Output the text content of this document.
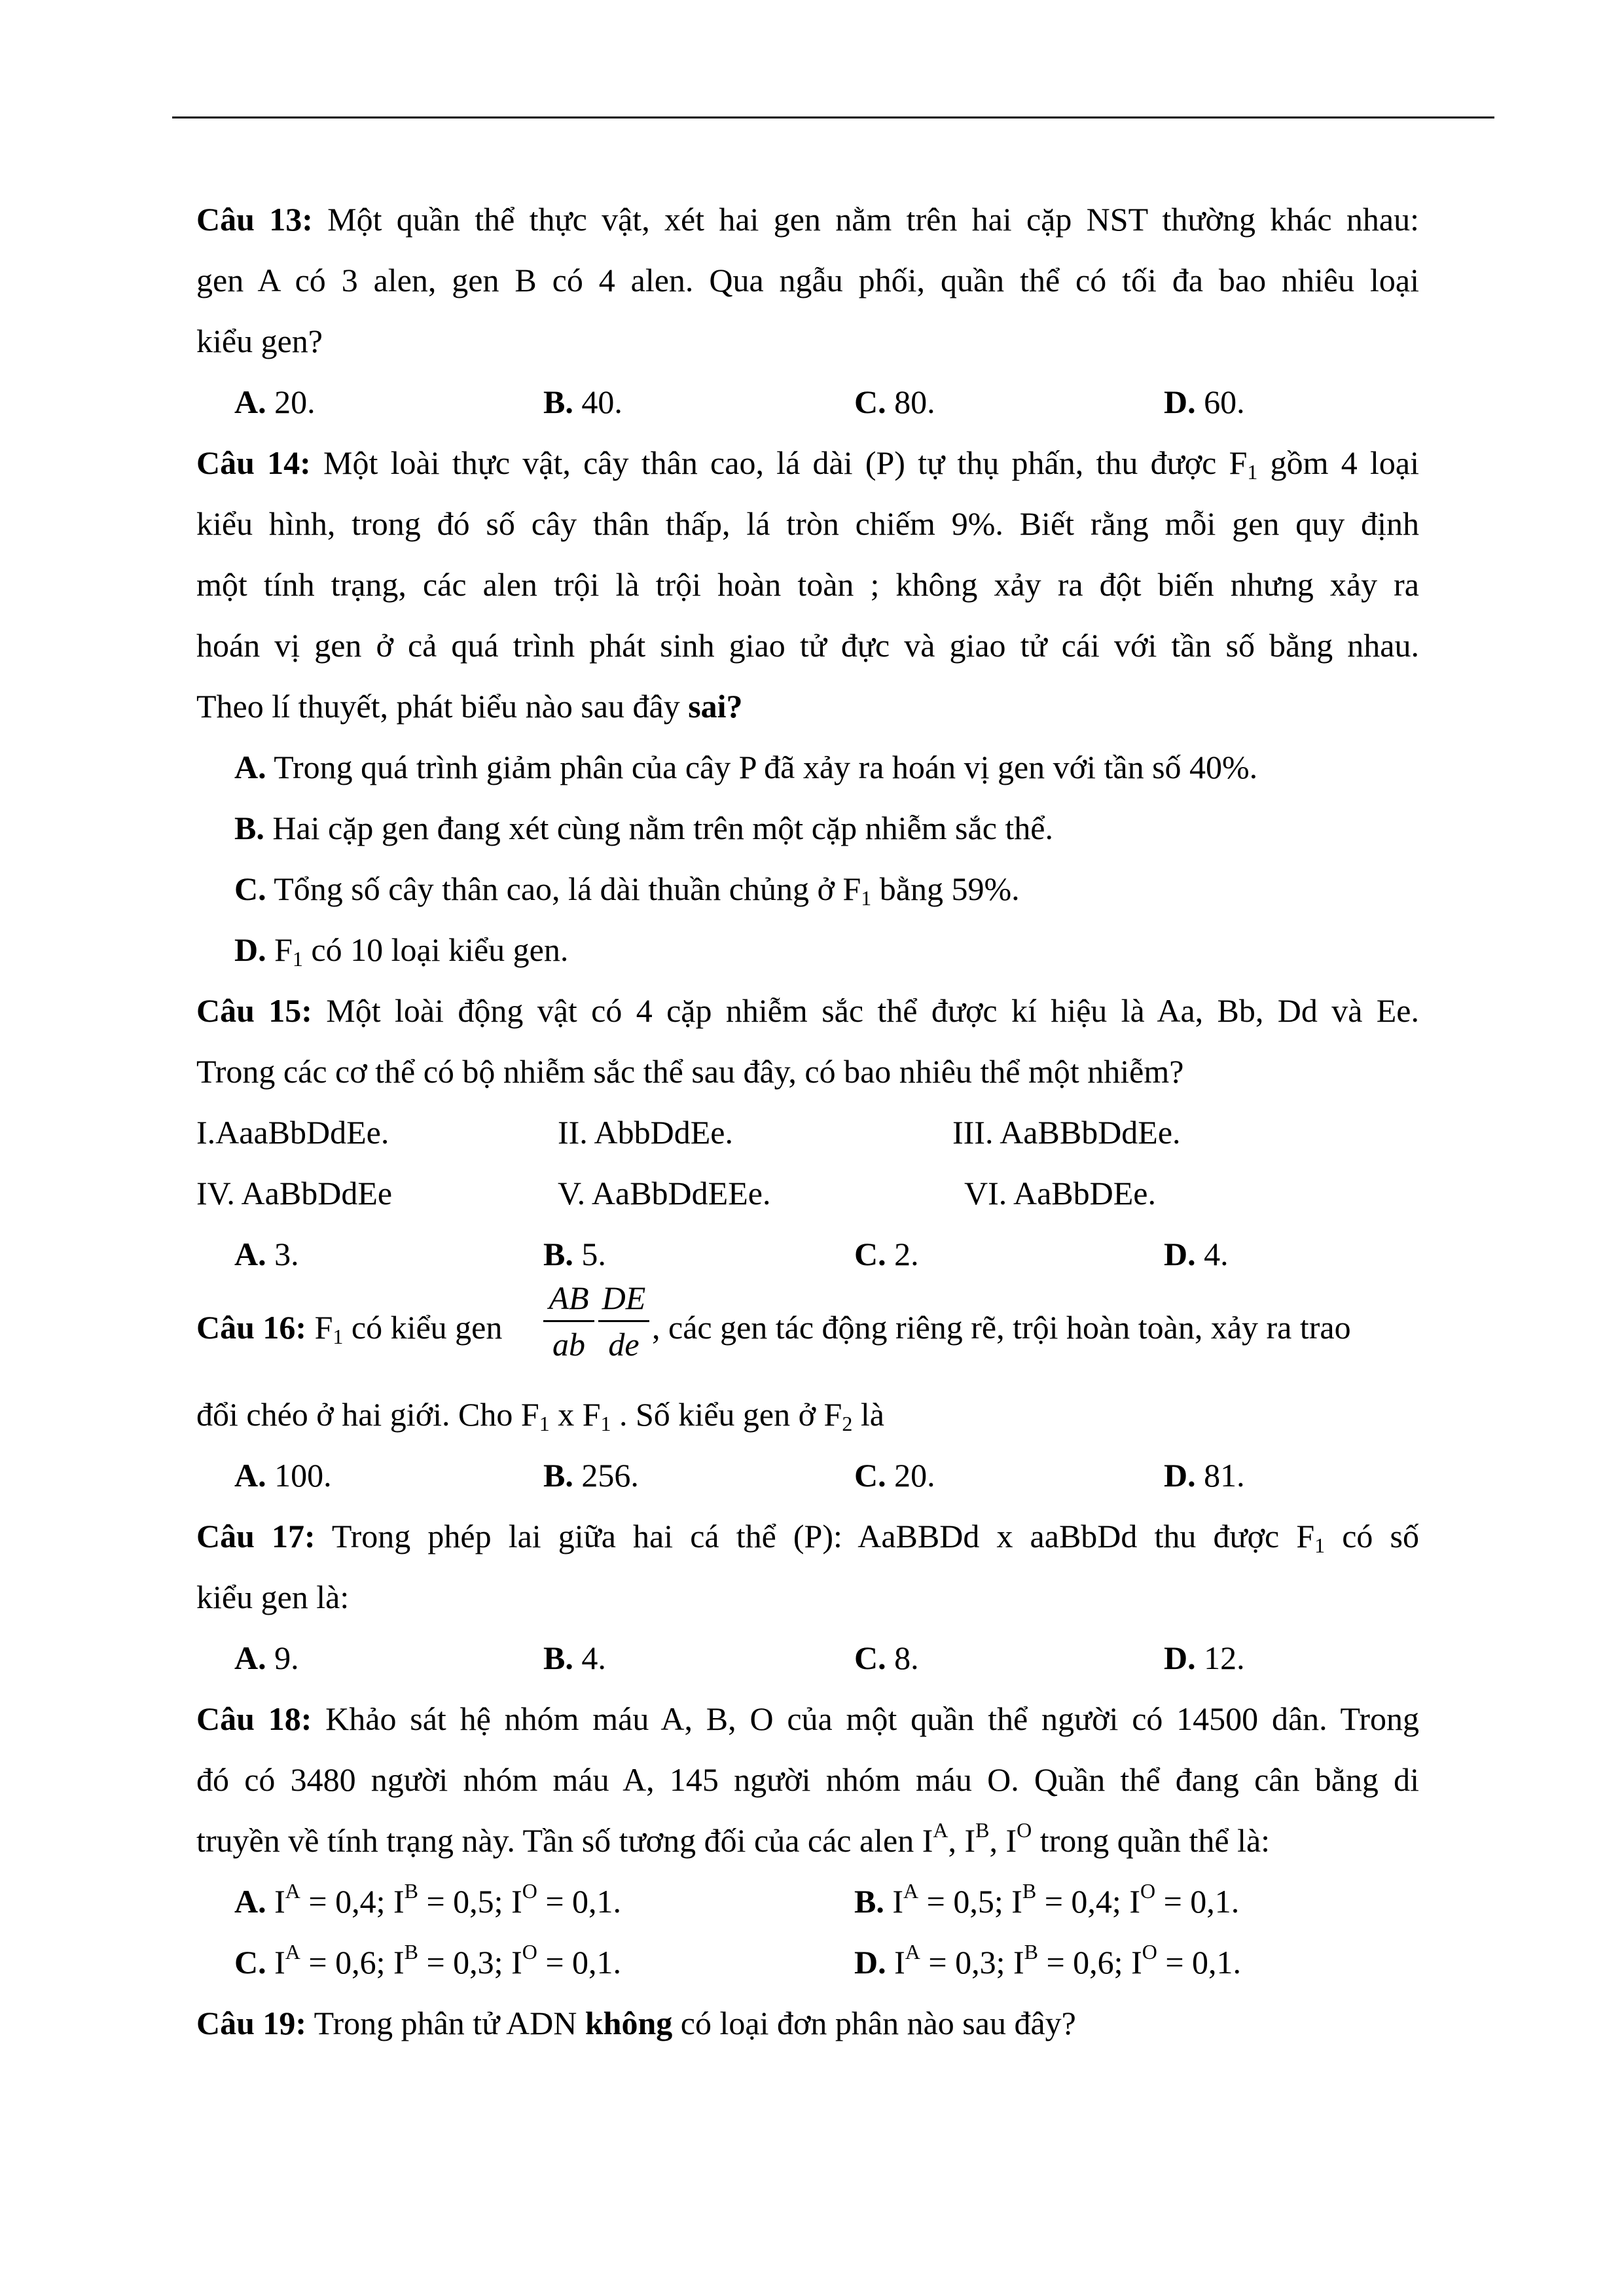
Câu 13: Một quần thể thực vật, xét hai gen nằm trên hai cặp NST thường khác nhau:
gen A có 3 alen, gen B có 4 alen. Qua ngẫu phối, quần thể có tối đa bao nhiêu loại
kiểu gen?
A. 20.	B. 40.	C. 80.	D. 60.
Câu 14: Một loài thực vật, cây thân cao, lá dài (P) tự thụ phấn, thu được $F_1$ gồm 4 loại
kiểu hình, trong đó số cây thân thấp, lá tròn chiếm 9%. Biết rằng mỗi gen quy định
một tính trạng, các alen trội là trội hoàn toàn ; không xảy ra đột biến nhưng xảy ra
hoán vị gen ở cả quá trình phát sinh giao tử đực và giao tử cái với tần số bằng nhau.
Theo lí thuyết, phát biểu nào sau đây sai?
A. Trong quá trình giảm phân của cây P đã xảy ra hoán vị gen với tần số 40%.
B. Hai cặp gen đang xét cùng nằm trên một cặp nhiễm sắc thể.
C. Tổng số cây thân cao, lá dài thuần chủng ở $F_1$ bằng 59%.
D. $F_1$ có 10 loại kiểu gen.
Câu 15: Một loài động vật có 4 cặp nhiễm sắc thể được kí hiệu là Aa, Bb, Dd và Ee.
Trong các cơ thể có bộ nhiễm sắc thể sau đây, có bao nhiêu thể một nhiễm?
I.AaaBbDdEe.	II. AbbDdEe.	III. AaBBbDdEe.
IV. AaBbDdEe	V. AaBbDdEEe.	VI. AaBbDEe.
A. 3.	B. 5.	C. 2.	D. 4.
Câu 16: $F_1$ có kiểu gen
AB
ab
DE
de , các gen tác động riêng rẽ, trội hoàn toàn, xảy ra trao
đổi chéo ở hai giới. Cho $F_1$ x $F_1$ . Số kiểu gen ở $F_2$ là
A. 100.	B. 256.	C. 20.	D. 81.
Câu 17: Trong phép lai giữa hai cá thể (P): AaBBDd x aaBbDd thu được $F_1$ có số
kiểu gen là:
A. 9.	B. 4.	C. 8.	D. 12.
Câu 18: Khảo sát hệ nhóm máu A, B, O của một quần thể người có 14500 dân. Trong
đó có 3480 người nhóm máu A, 145 người nhóm máu O. Quần thể đang cân bằng di
truyền về tính trạng này. Tần số tương đối của các alen $I^A$, $I^B$, $I^O$ trong quần thể là:
A. $I^A = 0,4$; $I^B = 0,5$; $I^O = 0,1$.	B. $I^A = 0,5$; $I^B = 0,4$; $I^O = 0,1$.
C. $I^A = 0,6$; $I^B = 0,3$; $I^O = 0,1$.	D. $I^A = 0,3$; $I^B = 0,6$; $I^O = 0,1$.
Câu 19: Trong phân tử ADN không có loại đơn phân nào sau đây?
